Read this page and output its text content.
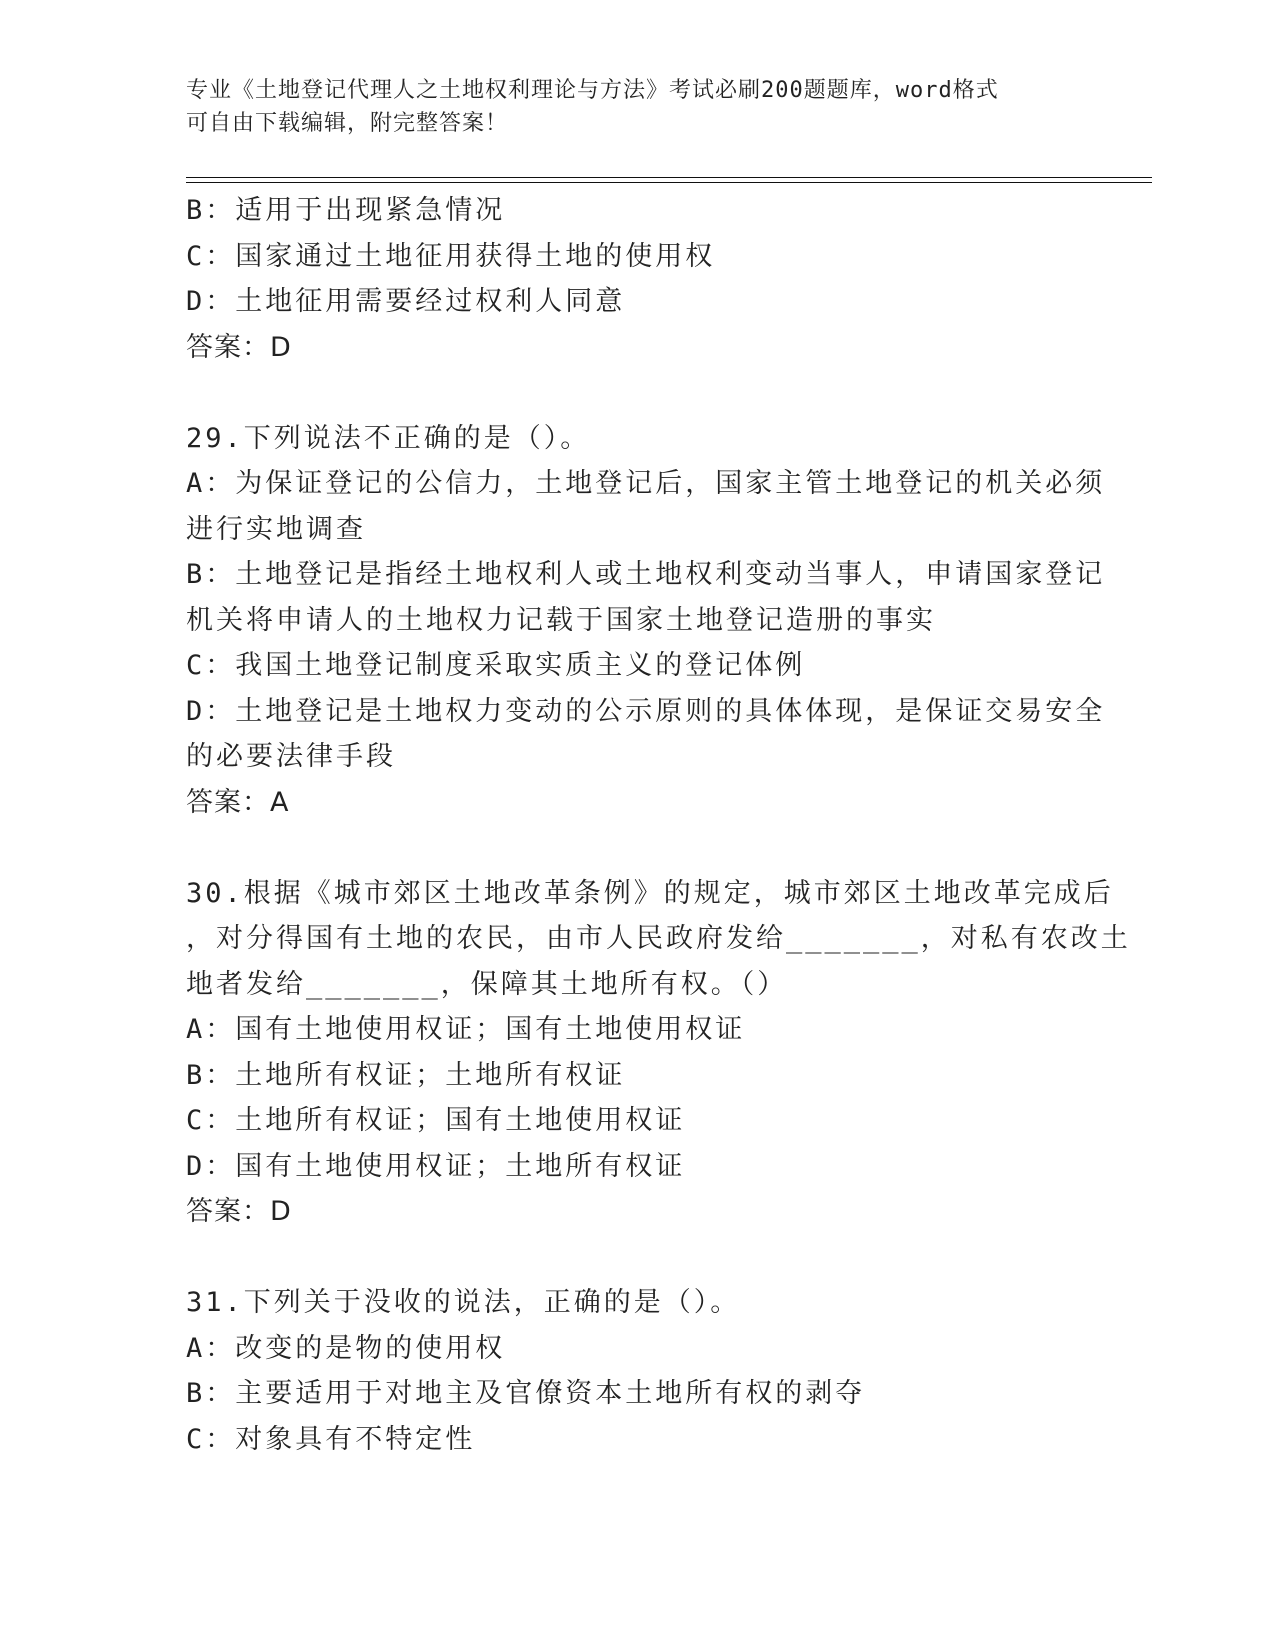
专业《土地登记代理人之土地权利理论与方法》考试必刷200题题库，word格式
可自由下载编辑，附完整答案！
B：适用于出现紧急情况
C：国家通过土地征用获得土地的使用权
D：土地征用需要经过权利人同意
答案：D
29.下列说法不正确的是（）。
A：为保证登记的公信力，土地登记后，国家主管土地登记的机关必须
进行实地调查
B：土地登记是指经土地权利人或土地权利变动当事人，申请国家登记
机关将申请人的土地权力记载于国家土地登记造册的事实
C：我国土地登记制度采取实质主义的登记体例
D：土地登记是土地权力变动的公示原则的具体体现，是保证交易安全
的必要法律手段
答案：A
30.根据《城市郊区土地改革条例》的规定，城市郊区土地改革完成后
，对分得国有土地的农民，由市人民政府发给_______，对私有农改土
地者发给_______，保障其土地所有权。（）
A：国有土地使用权证；国有土地使用权证
B：土地所有权证；土地所有权证
C：土地所有权证；国有土地使用权证
D：国有土地使用权证；土地所有权证
答案：D
31.下列关于没收的说法，正确的是（）。
A：改变的是物的使用权
B：主要适用于对地主及官僚资本土地所有权的剥夺
C：对象具有不特定性
